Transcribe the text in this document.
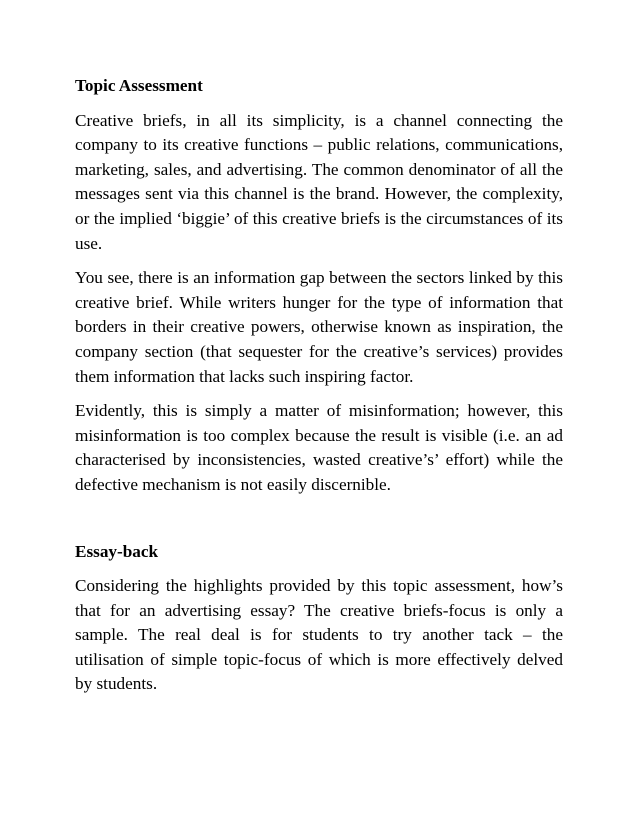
Topic Assessment
Creative briefs, in all its simplicity, is a channel connecting the company to its creative functions – public relations, communications, marketing, sales, and advertising. The common denominator of all the messages sent via this channel is the brand. However, the complexity, or the implied ‘biggie’ of this creative briefs is the circumstances of its use.
You see, there is an information gap between the sectors linked by this creative brief. While writers hunger for the type of information that borders in their creative powers, otherwise known as inspiration, the company section (that sequester for the creative’s services) provides them information that lacks such inspiring factor.
Evidently, this is simply a matter of misinformation; however, this misinformation is too complex because the result is visible (i.e. an ad characterised by inconsistencies, wasted creative’s’ effort) while the defective mechanism is not easily discernible.
Essay-back
Considering the highlights provided by this topic assessment, how’s that for an advertising essay? The creative briefs-focus is only a sample. The real deal is for students to try another tack – the utilisation of simple topic-focus of which is more effectively delved by students.
